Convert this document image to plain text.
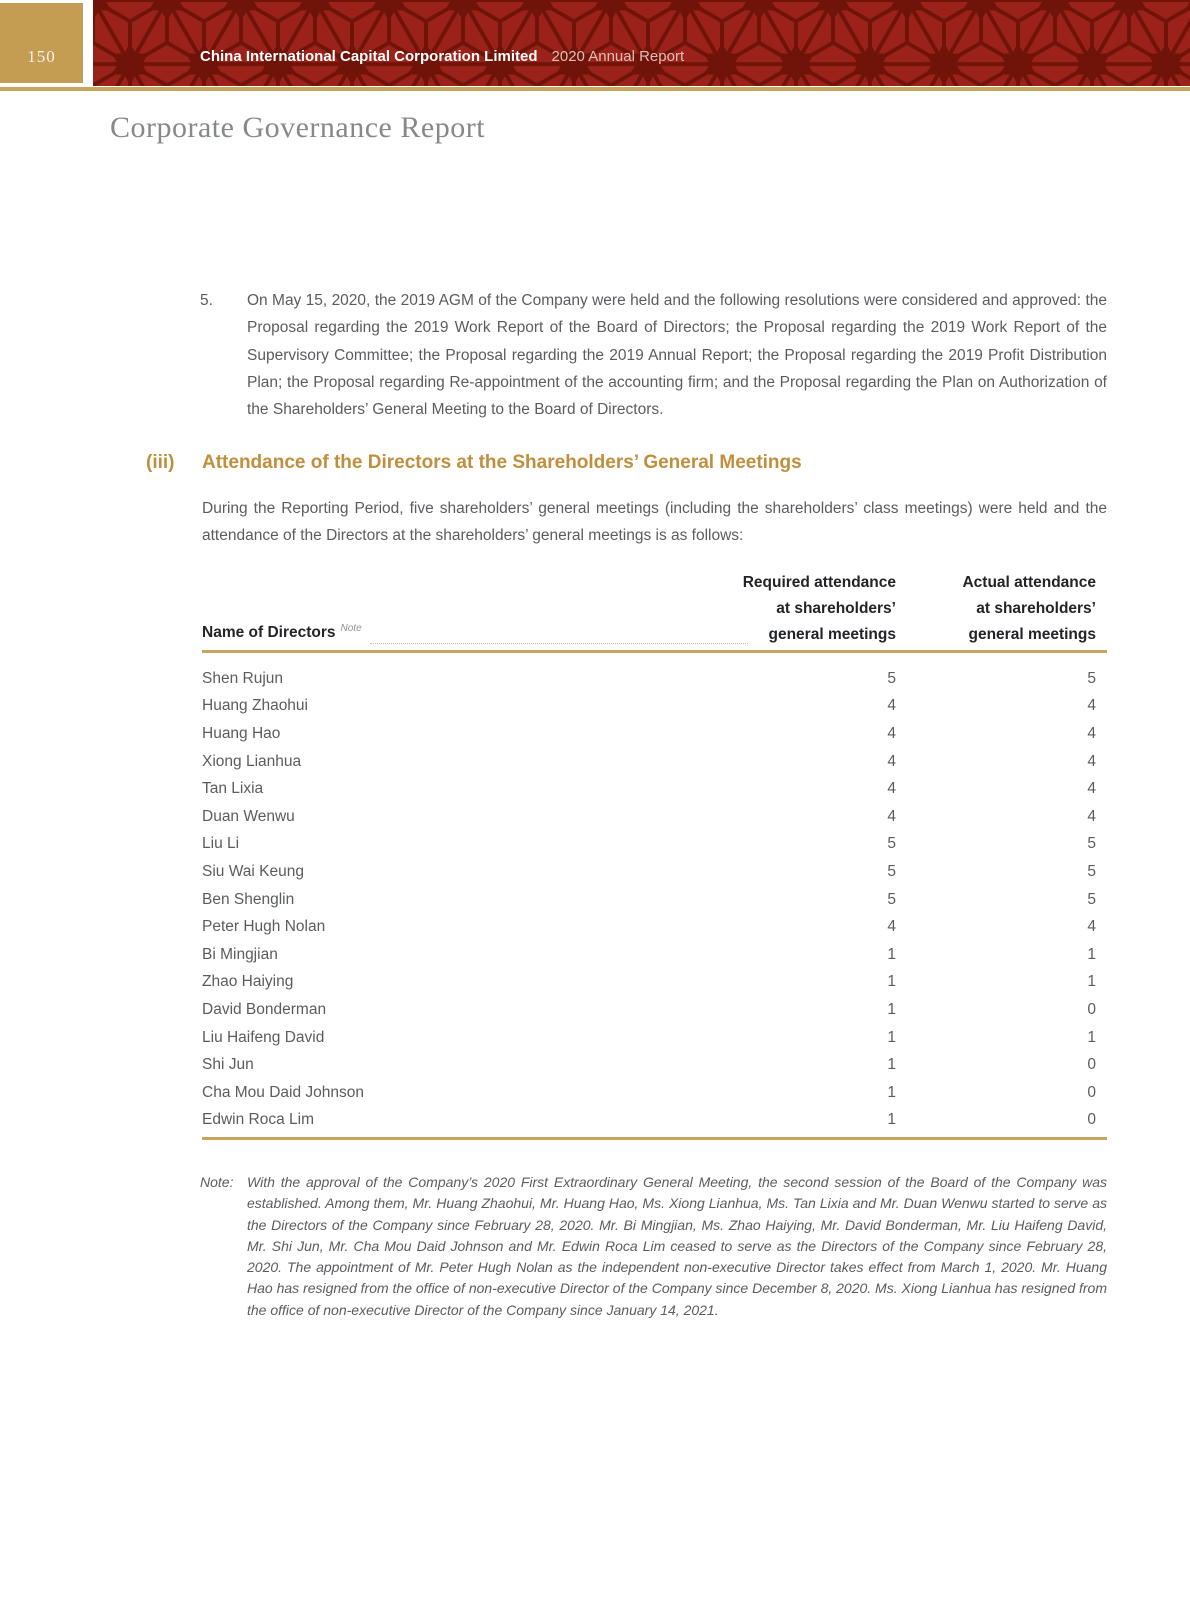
150	China International Capital Corporation Limited 2020 Annual Report
Corporate Governance Report
5. On May 15, 2020, the 2019 AGM of the Company were held and the following resolutions were considered and approved: the Proposal regarding the 2019 Work Report of the Board of Directors; the Proposal regarding the 2019 Work Report of the Supervisory Committee; the Proposal regarding the 2019 Annual Report; the Proposal regarding the 2019 Profit Distribution Plan; the Proposal regarding Re-appointment of the accounting firm; and the Proposal regarding the Plan on Authorization of the Shareholders’ General Meeting to the Board of Directors.
(iii) Attendance of the Directors at the Shareholders’ General Meetings
During the Reporting Period, five shareholders’ general meetings (including the shareholders’ class meetings) were held and the attendance of the Directors at the shareholders’ general meetings is as follows:
Name of Directors $^{Note}$
Required attendance
at shareholders’
general meetings
Actual attendance
at shareholders’
general meetings
Shen Rujun	5	5
Huang Zhaohui	4	4
Huang Hao	4	4
Xiong Lianhua	4	4
Tan Lixia	4	4
Duan Wenwu	4	4
Liu Li	5	5
Siu Wai Keung	5	5
Ben Shenglin	5	5
Peter Hugh Nolan	4	4
Bi Mingjian	1	1
Zhao Haiying	1	1
David Bonderman	1	0
Liu Haifeng David	1	1
Shi Jun	1	0
Cha Mou Daid Johnson	1	0
Edwin Roca Lim	1	0
Note: With the approval of the Company’s 2020 First Extraordinary General Meeting, the second session of the Board of the Company was established. Among them, Mr. Huang Zhaohui, Mr. Huang Hao, Ms. Xiong Lianhua, Ms. Tan Lixia and Mr. Duan Wenwu started to serve as the Directors of the Company since February 28, 2020. Mr. Bi Mingjian, Ms. Zhao Haiying, Mr. David Bonderman, Mr. Liu Haifeng David, Mr. Shi Jun, Mr. Cha Mou Daid Johnson and Mr. Edwin Roca Lim ceased to serve as the Directors of the Company since February 28, 2020. The appointment of Mr. Peter Hugh Nolan as the independent non-executive Director takes effect from March 1, 2020. Mr. Huang Hao has resigned from the office of non-executive Director of the Company since December 8, 2020. Ms. Xiong Lianhua has resigned from the office of non-executive Director of the Company since January 14, 2021.
